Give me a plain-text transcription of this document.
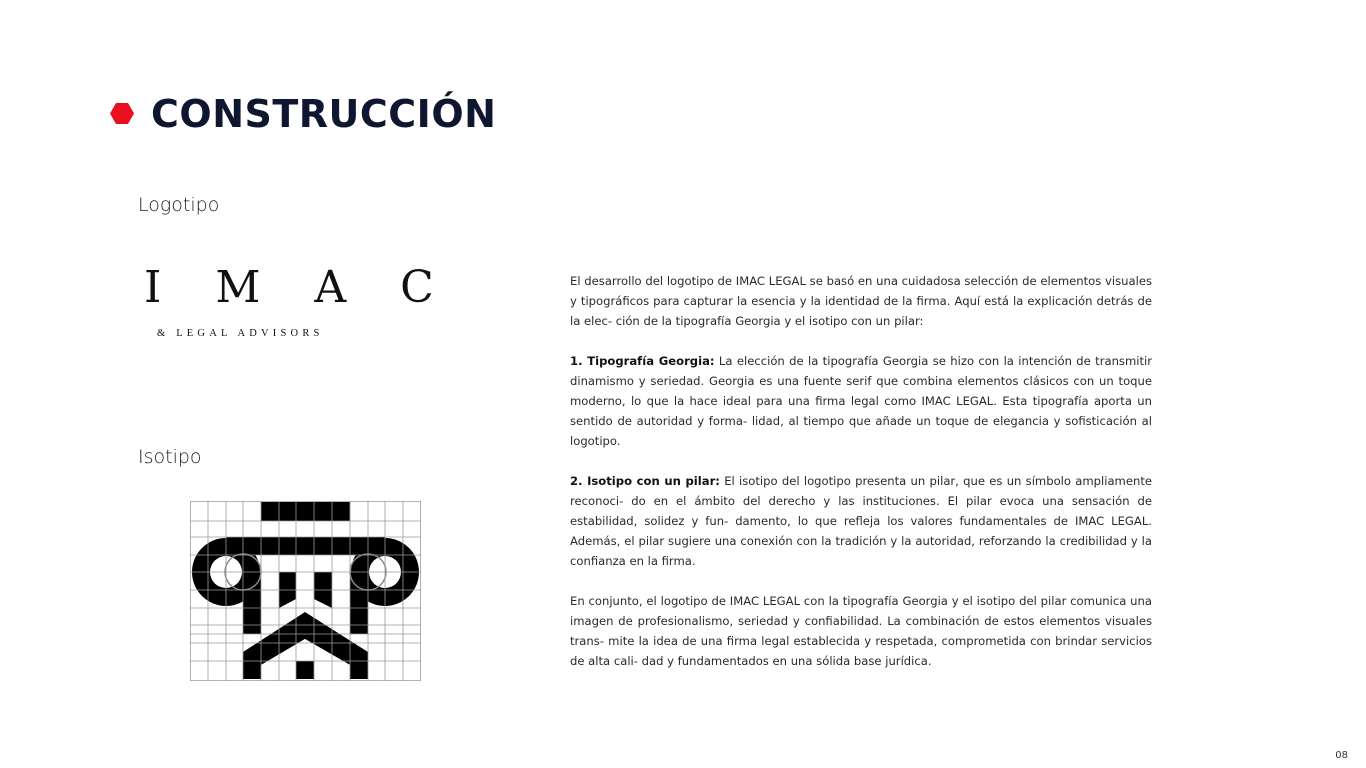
CONSTRUCCIÓN
Logotipo
Isotipo
I M A C
& LEGAL ADVISORS

El desarrollo del logotipo de IMAC LEGAL se basó en una cuidadosa selección de elementos visuales y tipográficos para capturar la esencia y la identidad de la firma. Aquí está la explicación detrás de la elec- ción de la tipografía Georgia y el isotipo con un pilar:

1. Tipografía Georgia: La elección de la tipografía Georgia se hizo con la intención de transmitir dinamismo y seriedad. Georgia es una fuente serif que combina elementos clásicos con un toque moderno, lo que la hace ideal para una firma legal como IMAC LEGAL. Esta tipografía aporta un sentido de autoridad y forma- lidad, al tiempo que añade un toque de elegancia y sofisticación al logotipo.

2. Isotipo con un pilar: El isotipo del logotipo presenta un pilar, que es un símbolo ampliamente reconoci- do en el ámbito del derecho y las instituciones. El pilar evoca una sensación de estabilidad, solidez y fun- damento, lo que refleja los valores fundamentales de IMAC LEGAL. Además, el pilar sugiere una conexión con la tradición y la autoridad, reforzando la credibilidad y la confianza en la firma.

En conjunto, el logotipo de IMAC LEGAL con la tipografía Georgia y el isotipo del pilar comunica una imagen de profesionalismo, seriedad y confiabilidad. La combinación de estos elementos visuales trans- mite la idea de una firma legal establecida y respetada, comprometida con brindar servicios de alta cali- dad y fundamentados en una sólida base jurídica.

08
